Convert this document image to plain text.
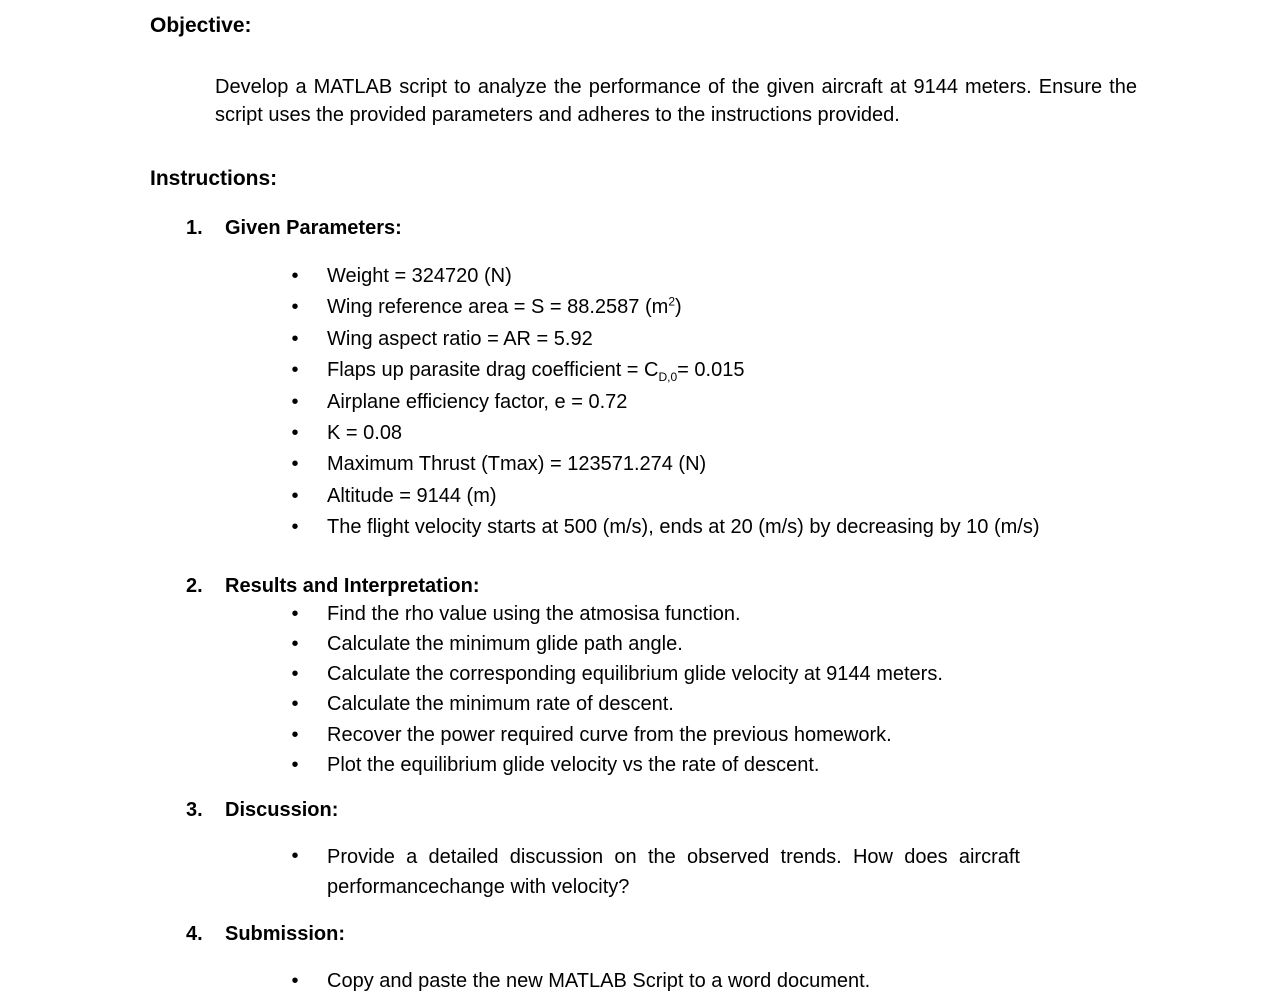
Objective:

Develop a MATLAB script to analyze the performance of the given aircraft at 9144 meters. Ensure the script uses the provided parameters and adheres to the instructions provided.

Instructions:
1. Given Parameters:
• Weight = 324720 (N)
• Wing reference area = S = 88.2587 $(m^2)$
• Wing aspect ratio = AR = 5.92
• Flaps up parasite drag coefficient = $C_{D,0}= 0.015$
• Airplane efficiency factor, e = 0.72
• K = 0.08
• Maximum Thrust (Tmax) = 123571.274 (N)
• Altitude = 9144 (m)
• The flight velocity starts at 500 (m/s), ends at 20 (m/s) by decreasing by 10 (m/s)
2. Results and Interpretation:
• Find the rho value using the atmosisa function.
• Calculate the minimum glide path angle.
• Calculate the corresponding equilibrium glide velocity at 9144 meters.
• Calculate the minimum rate of descent.
• Recover the power required curve from the previous homework.
• Plot the equilibrium glide velocity vs the rate of descent.
3. Discussion:
• Provide a detailed discussion on the observed trends. How does aircraft performancechange with velocity?
4. Submission:
• Copy and paste the new MATLAB Script to a word document.
